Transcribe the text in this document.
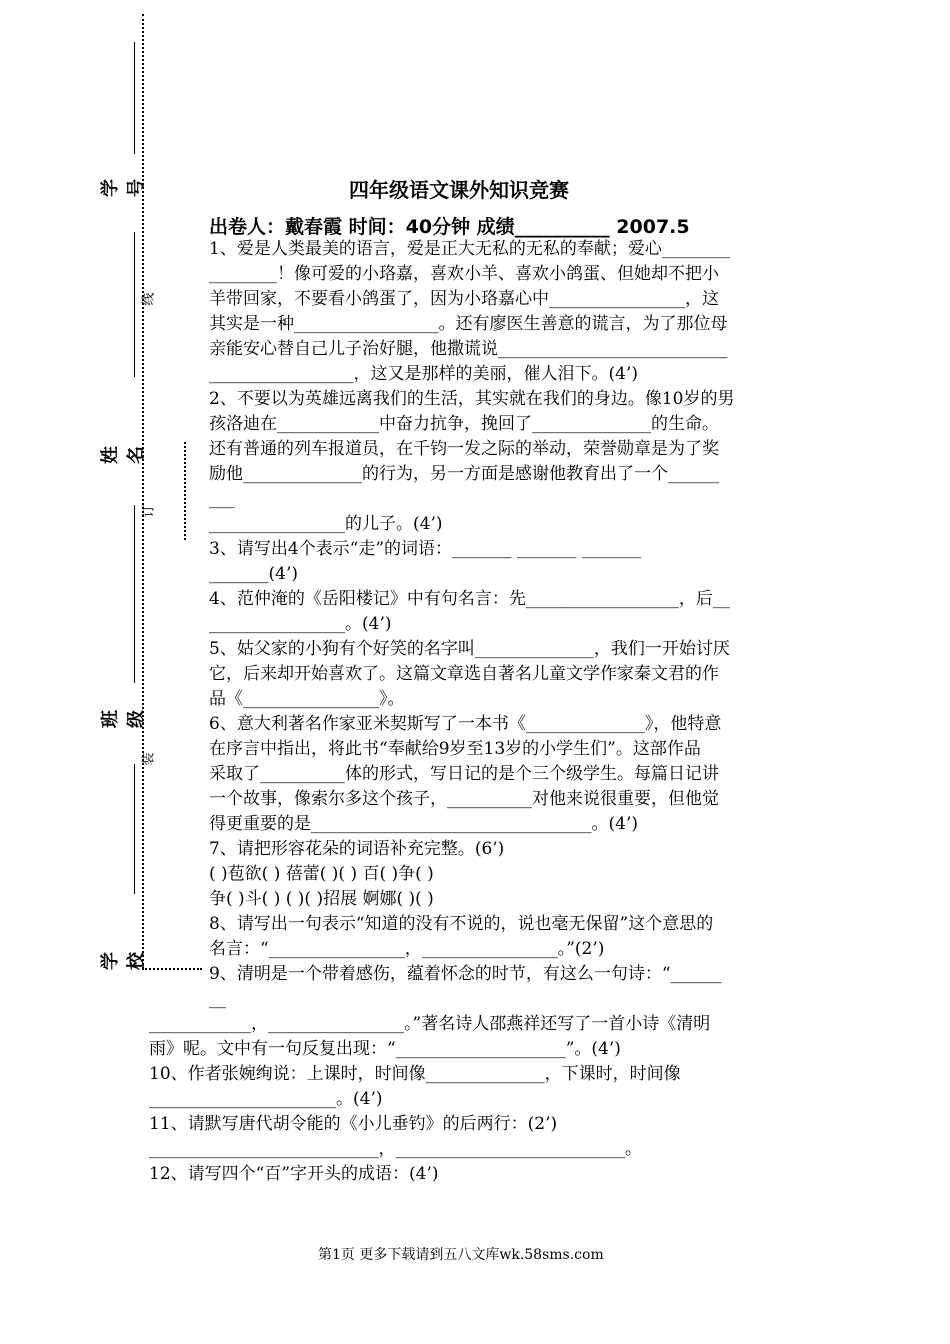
学 号
姓 名
班 级
学 校
线
订
装
四年级语文课外知识竞赛
出卷人：戴春霞 时间：40分钟 成绩__________ 2007.5
1、爱是人类最美的语言，爱是正大无私的无私的奉献；爱心________
________！像可爱的小珞嘉，喜欢小羊、喜欢小鸽蛋、但她却不把小
羊带回家，不要看小鸽蛋了，因为小珞嘉心中________________，这
其实是一种_________________。还有廖医生善意的谎言，为了那位母
亲能安心替自己儿子治好腿，他撒谎说___________________________
_________________，这又是那样的美丽，催人泪下。(4’)
2、不要以为英雄远离我们的生活，其实就在我们的身边。像10岁的男
孩洛迪在____________中奋力抗争，挽回了______________的生命。
还有普通的列车报道员，在千钧一发之际的举动，荣誉勋章是为了奖
励他______________的行为，另一方面是感谢他教育出了一个______
___
________________的儿子。(4’)
3、请写出4个表示“走”的词语：_______ _______ _______
_______(4’)
4、范仲淹的《岳阳楼记》中有句名言：先__________________，后__
________________。(4’)
5、姑父家的小狗有个好笑的名字叫______________，我们一开始讨厌
它，后来却开始喜欢了。这篇文章选自著名儿童文学作家秦文君的作
品《________________》。
6、意大利著名作家亚米契斯写了一本书《______________》，他特意
在序言中指出，将此书“奉献给9岁至13岁的小学生们”。这部作品
采取了__________体的形式，写日记的是个三个级学生。每篇日记讲
一个故事，像索尔多这个孩子，__________对他来说很重要，但他觉
得更重要的是_________________________________。(4’)
7、请把形容花朵的词语补充完整。(6’)
( )苞欲( ) 蓓蕾( )( ) 百( )争( )
争( )斗( ) ( )( )招展 婀娜( )( )
8、请写出一句表示“知道的没有不说的，说也毫无保留”这个意思的
名言：“________________，________________。”(2’)
9、清明是一个带着感伤，蕴着怀念的时节，有这么一句诗：“______
__
____________，________________。”著名诗人邵燕祥还写了一首小诗《清明
雨》呢。文中有一句反复出现：“____________________”。(4’)
10、作者张婉绚说：上课时，时间像______________，下课时，时间像
______________________。(4’)
11、请默写唐代胡令能的《小儿垂钓》的后两行：(2’)
___________________________，___________________________。
12、请写四个“百”字开头的成语：(4’)
第1页 更多下载请到五八文库wk.58sms.com
